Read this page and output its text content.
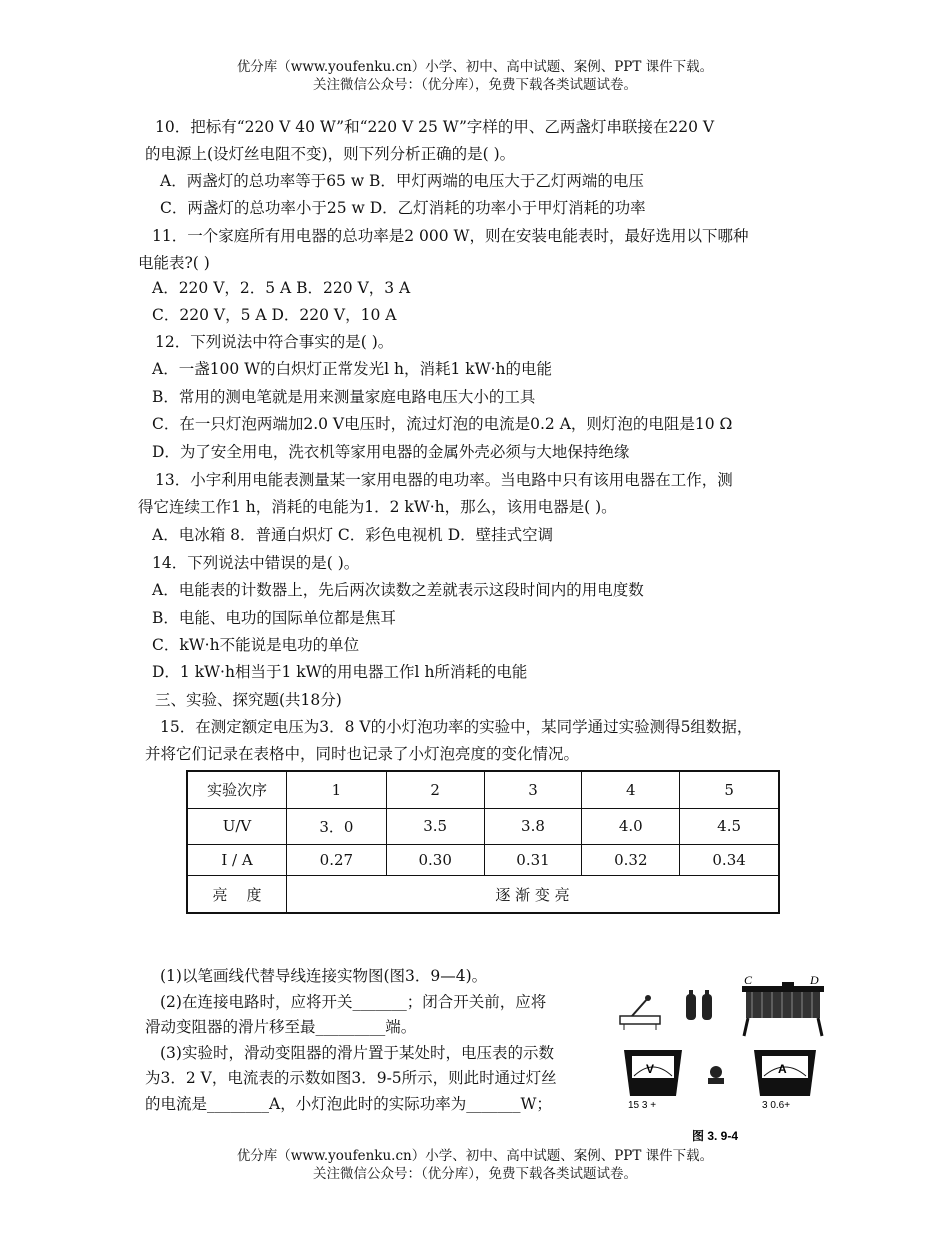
优分库（www.youfenku.cn）小学、初中、高中试题、案例、PPT 课件下载。
关注微信公众号：（优分库），免费下载各类试题试卷。
10．把标有“220 V 40 W”和“220 V 25 W”字样的甲、乙两盏灯串联接在220 V
的电源上(设灯丝电阻不变)，则下列分析正确的是( )。
A．两盏灯的总功率等于65 w B．甲灯两端的电压大于乙灯两端的电压
C．两盏灯的总功率小于25 w D．乙灯消耗的功率小于甲灯消耗的功率
11．一个家庭所有用电器的总功率是2 000 W，则在安装电能表时，最好选用以下哪种
电能表?( )
A．220 V，2．5 A B．220 V，3 A
C．220 V，5 A D．220 V，10 A
12．下列说法中符合事实的是( )。
A．一盏100 W的白炽灯正常发光l h，消耗1 kW·h的电能
B．常用的测电笔就是用来测量家庭电路电压大小的工具
C．在一只灯泡两端加2.0 V电压时，流过灯泡的电流是0.2 A，则灯泡的电阻是10 Ω
D．为了安全用电，洗衣机等家用电器的金属外壳必须与大地保持绝缘
13．小宇利用电能表测量某一家用电器的电功率。当电路中只有该用电器在工作，测
得它连续工作1 h，消耗的电能为1．2 kW·h，那么，该用电器是( )。
A．电冰箱 8．普通白炽灯 C．彩色电视机 D．壁挂式空调
14．下列说法中错误的是( )。
A．电能表的计数器上，先后两次读数之差就表示这段时间内的用电度数
B．电能、电功的国际单位都是焦耳
C．kW·h不能说是电功的单位
D．1 kW·h相当于1 kW的用电器工作l h所消耗的电能
三、实验、探究题(共18分)
15．在测定额定电压为3．8 V的小灯泡功率的实验中，某同学通过实验测得5组数据，
并将它们记录在表格中，同时也记录了小灯泡亮度的变化情况。
实验次序	1	2	3	4	5
U/V	3．0	3.5	3.8	4.0	4.5
I / A	0.27	0.30	0.31	0.32	0.34
亮    度	逐 渐 变 亮				
(1)以笔画线代替导线连接实物图(图3．9—4)。
(2)在连接电路时，应将开关_______；闭合开关前，应将
滑动变阻器的滑片移至最_________端。
(3)实验时，滑动变阻器的滑片置于某处时，电压表的示数
为3．2 V，电流表的示数如图3．9-5所示，则此时通过灯丝
的电流是________A，小灯泡此时的实际功率为_______W；
C	D
A	B
V
15 3 +
A
3 0.6+
图 3. 9-4
优分库（www.youfenku.cn）小学、初中、高中试题、案例、PPT 课件下载。
关注微信公众号：（优分库），免费下载各类试题试卷。
